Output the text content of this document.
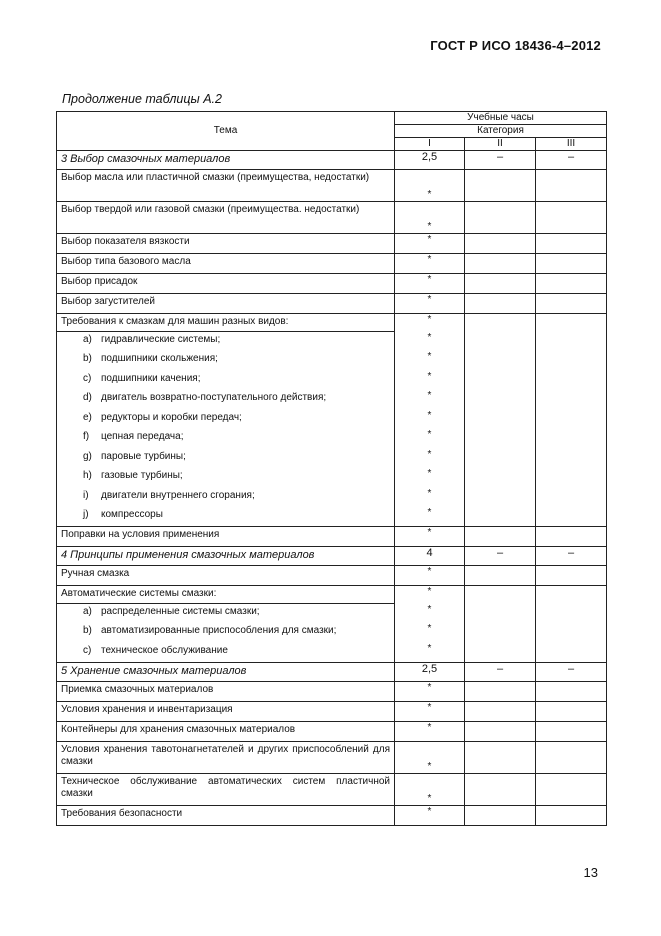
ГОСТ Р ИСО 18436-4–2012
Продолжение таблицы А.2
Тема	Учебные часы		
	Категория		
	I	II	III
3 Выбор смазочных материалов	2,5	–	–
Выбор масла или пластичной смазки (преимущества, недостатки)	*		
Выбор твердой или газовой смазки (преимущества. недостатки)	*		
Выбор показателя вязкости	*		
Выбор типа базового масла	*		
Выбор присадок	*		
Выбор загустителей	*		
Требования к смазкам для машин разных видов:	*		
a) гидравлические системы;	*		
b) подшипники скольжения;	*		
c) подшипники качения;	*		
d) двигатель возвратно-поступательного действия;	*		
e) редукторы и коробки передач;	*		
f) цепная передача;	*		
g) паровые турбины;	*		
h) газовые турбины;	*		
i) двигатели внутреннего сгорания;	*		
j) компрессоры	*		
Поправки на условия применения	*		
4 Принципы применения смазочных материалов	4	–	–
Ручная смазка	*		
Автоматические системы смазки:	*		
a) распределенные системы смазки;	*		
b) автоматизированные приспособления для смазки;	*		
c) техническое обслуживание	*		
5 Хранение смазочных материалов	2,5	–	–
Приемка смазочных материалов	*		
Условия хранения и инвентаризация	*		
Контейнеры для хранения смазочных материалов	*		
Условия хранения тавотонагнетателей и других приспособлений для смазки	*		
Техническое обслуживание автоматических систем пластичной смазки	*		
Требования безопасности	*		
13
